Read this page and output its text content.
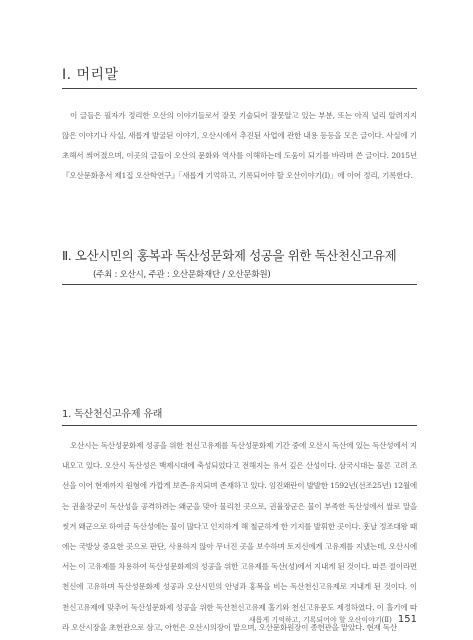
Ⅰ. 머리말

이 글들은 필자가 정리한 오산의 이야기들로서 잘못 기술되어 잘못알고 있는 부분, 또는 아직 널리 알려지지 않은 이야기나 사실, 새롭게 발굴된 이야기, 오산시에서 추진된 사업에 관한 내용 등등을 모은 글이다. 사실에 기초해서 씌어졌으며, 이곳의 글들이 오산의 문화와 역사를 이해하는데 도움이 되기를 바라며 쓴 글이다. 2015년『오산문화총서 제1집 오산학연구』「새롭게 기억하고, 기록되어야 할 오산이야기(Ⅰ)」에 이어 정리, 기록한다.

Ⅱ. 오산시민의 홍복과 독산성문화제 성공을 위한 독산천신고유제
(주최 : 오산시, 주관 : 오산문화재단 / 오산문화원)
1. 독산천신고유제 유래

오산시는 독산성문화제 성공을 위한 천신고유제를 독산성문화제 기간 중에 오산시 독산에 있는 독산성에서 지내오고 있다. 오산시 독산성은 백제시대에 축성되었다고 전해지는 유서 깊은 산성이다. 삼국시대는 물론 고려 조선을 이어 현재까지 원형에 가깝게 보존·유지되며 존재하고 있다. 임진왜란이 발발한 1592년(선조25년) 12월에는 권율장군이 독산성을 공격하려는 왜군을 맞아 물리친 곳으로, 권율장군은 물이 부족한 독산성에서 쌀로 말을 씻겨 왜군으로 하여금 독산성에는 물이 많다고 인지하게 해 철군하게 한 기지를 발휘한 곳이다. 훗날 정조대왕 때에는 국방상 중요한 곳으로 판단, 사용하지 않아 무너진 곳을 보수하며 토지신에게 고유제를 지냈는데, 오산시에서는 이 고유제를 차용하여 독산성문화제의 성공을 위한 고유제를 독산(성)에서 지내게 된 것이다. 따른 절이라면 천신에 고유하며 독산성문화제 성공과 오산시민의 안녕과 홍복을 비는 독산천신고유제로 지내게 된 것이다. 이 천신고유제에 맞추어 독산성문화제 성공을 위한 독산천신고유제 홀기와 천신고유문도 제정하였다. 이 홀기에 따라 오산시장을 초헌관으로 삼고, 아헌은 오산시의장이 맡으며, 오산문화원장이 종헌관을 맡았다. 현재 독산

새롭게 기억하고, 기록되어야 할 오산이야기(Ⅱ) 151
